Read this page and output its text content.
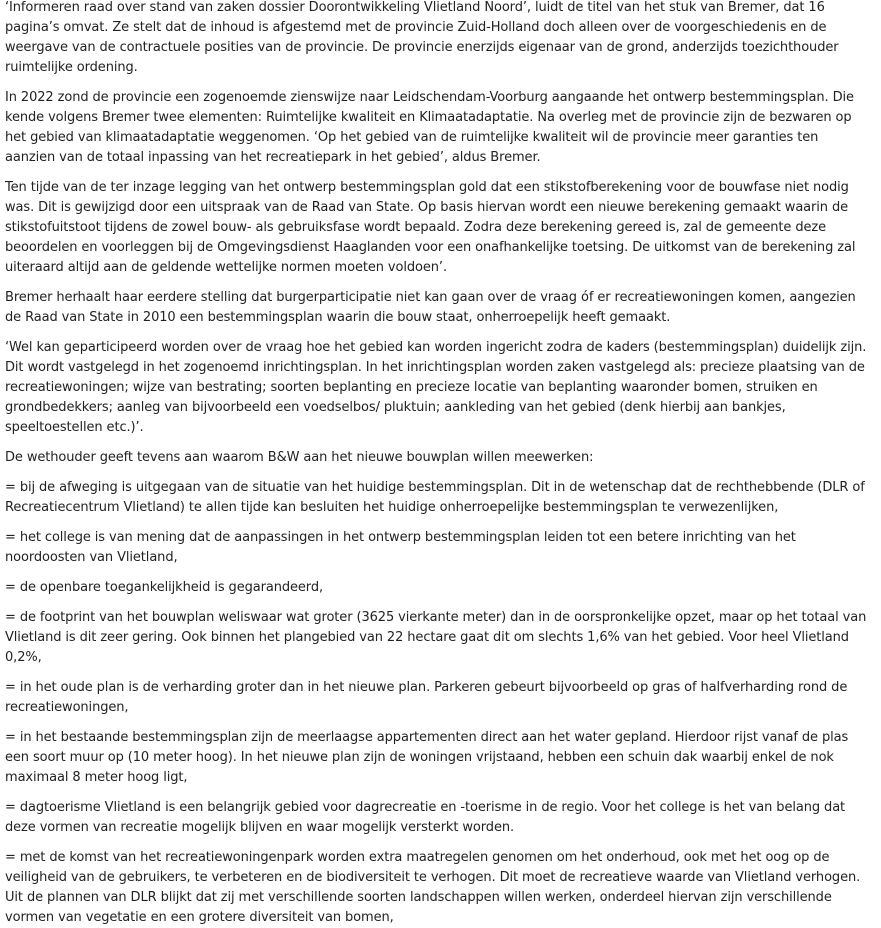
‘Informeren raad over stand van zaken dossier Doorontwikkeling Vlietland Noord’, luidt de titel van het stuk van Bremer, dat 16 pagina’s omvat. Ze stelt dat de inhoud is afgestemd met de provincie Zuid-Holland doch alleen over de voorgeschiedenis en de weergave van de contractuele posities van de provincie. De provincie enerzijds eigenaar van de grond, anderzijds toezichthouder ruimtelijke ordening.

In 2022 zond de provincie een zogenoemde zienswijze naar Leidschendam-Voorburg aangaande het ontwerp bestemmingsplan. Die kende volgens Bremer twee elementen: Ruimtelijke kwaliteit en Klimaatadaptatie. Na overleg met de provincie zijn de bezwaren op het gebied van klimaatadaptatie weggenomen. ‘Op het gebied van de ruimtelijke kwaliteit wil de provincie meer garanties ten aanzien van de totaal inpassing van het recreatiepark in het gebied’, aldus Bremer.

Ten tijde van de ter inzage legging van het ontwerp bestemmingsplan gold dat een stikstofberekening voor de bouwfase niet nodig was. Dit is gewijzigd door een uitspraak van de Raad van State. Op basis hiervan wordt een nieuwe berekening gemaakt waarin de stikstofuitstoot tijdens de zowel bouw- als gebruiksfase wordt bepaald. Zodra deze berekening gereed is, zal de gemeente deze beoordelen en voorleggen bij de Omgevingsdienst Haaglanden voor een onafhankelijke toetsing. De uitkomst van de berekening zal uiteraard altijd aan de geldende wettelijke normen moeten voldoen’.

Bremer herhaalt haar eerdere stelling dat burgerparticipatie niet kan gaan over de vraag óf er recreatiewoningen komen, aangezien de Raad van State in 2010 een bestemmingsplan waarin die bouw staat, onherroepelijk heeft gemaakt.

‘Wel kan geparticipeerd worden over de vraag hoe het gebied kan worden ingericht zodra de kaders (bestemmingsplan) duidelijk zijn. Dit wordt vastgelegd in het zogenoemd inrichtingsplan. In het inrichtingsplan worden zaken vastgelegd als: precieze plaatsing van de recreatiewoningen; wijze van bestrating; soorten beplanting en precieze locatie van beplanting waaronder bomen, struiken en grondbedekkers; aanleg van bijvoorbeeld een voedselbos/ pluktuin; aankleding van het gebied (denk hierbij aan bankjes, speeltoestellen etc.)’.

De wethouder geeft tevens aan waarom B&W aan het nieuwe bouwplan willen meewerken:

= bij de afweging is uitgegaan van de situatie van het huidige bestemmingsplan. Dit in de wetenschap dat de rechthebbende (DLR of Recreatiecentrum Vlietland) te allen tijde kan besluiten het huidige onherroepelijke bestemmingsplan te verwezenlijken,

= het college is van mening dat de aanpassingen in het ontwerp bestemmingsplan leiden tot een betere inrichting van het noordoosten van Vlietland,

= de openbare toegankelijkheid is gegarandeerd,

= de footprint van het bouwplan weliswaar wat groter (3625 vierkante meter) dan in de oorspronkelijke opzet, maar op het totaal van Vlietland is dit zeer gering. Ook binnen het plangebied van 22 hectare gaat dit om slechts 1,6% van het gebied. Voor heel Vlietland 0,2%,

= in het oude plan is de verharding groter dan in het nieuwe plan. Parkeren gebeurt bijvoorbeeld op gras of halfverharding rond de recreatiewoningen,

= in het bestaande bestemmingsplan zijn de meerlaagse appartementen direct aan het water gepland. Hierdoor rijst vanaf de plas een soort muur op (10 meter hoog). In het nieuwe plan zijn de woningen vrijstaand, hebben een schuin dak waarbij enkel de nok maximaal 8 meter hoog ligt,

= dagtoerisme Vlietland is een belangrijk gebied voor dagrecreatie en -toerisme in de regio. Voor het college is het van belang dat deze vormen van recreatie mogelijk blijven en waar mogelijk versterkt worden.

= met de komst van het recreatiewoningenpark worden extra maatregelen genomen om het onderhoud, ook met het oog op de veiligheid van de gebruikers, te verbeteren en de biodiversiteit te verhogen. Dit moet de recreatieve waarde van Vlietland verhogen. Uit de plannen van DLR blijkt dat zij met verschillende soorten landschappen willen werken, onderdeel hiervan zijn verschillende vormen van vegetatie en een grotere diversiteit van bomen,
